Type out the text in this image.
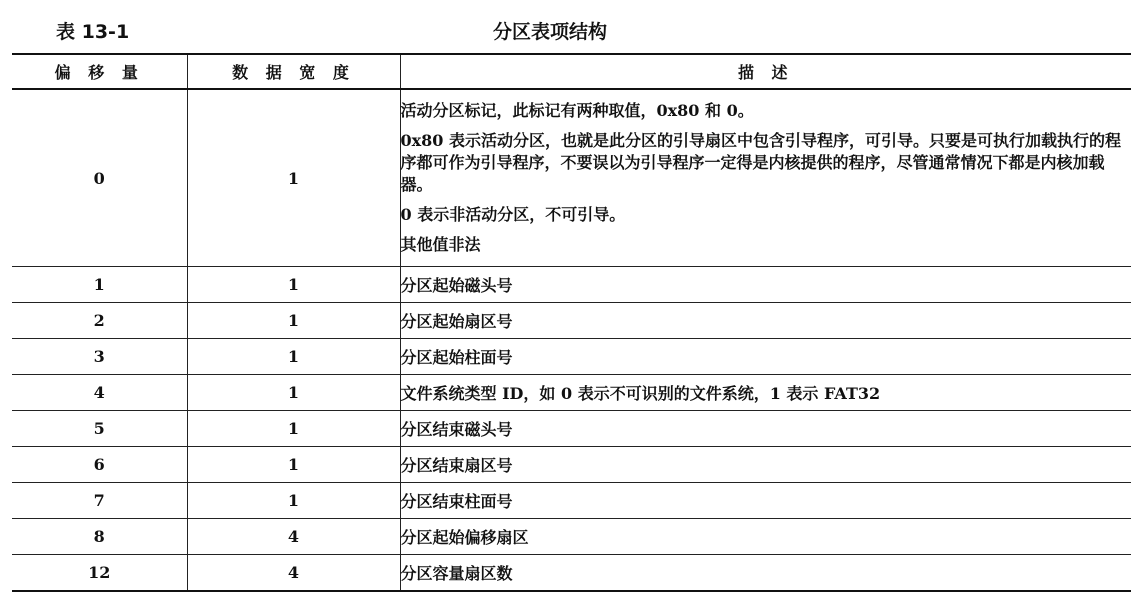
表 13-1	分区表项结构
偏 移 量	数 据 宽 度	描 述
0	1	活动分区标记，此标记有两种取值，0x80 和 0。

0x80 表示活动分区，也就是此分区的引导扇区中包含引导程序，可引导。只要是可执行加载执行的程序都可作为引导程序，不要误以为引导程序一定得是内核提供的程序，尽管通常情况下都是内核加载器。

0 表示非活动分区，不可引导。

其他值非法

1	1	分区起始磁头号
2	1	分区起始扇区号
3	1	分区起始柱面号
4	1	文件系统类型 ID，如 0 表示不可识别的文件系统，1 表示 FAT32
5	1	分区结束磁头号
6	1	分区结束扇区号
7	1	分区结束柱面号
8	4	分区起始偏移扇区
12	4	分区容量扇区数
